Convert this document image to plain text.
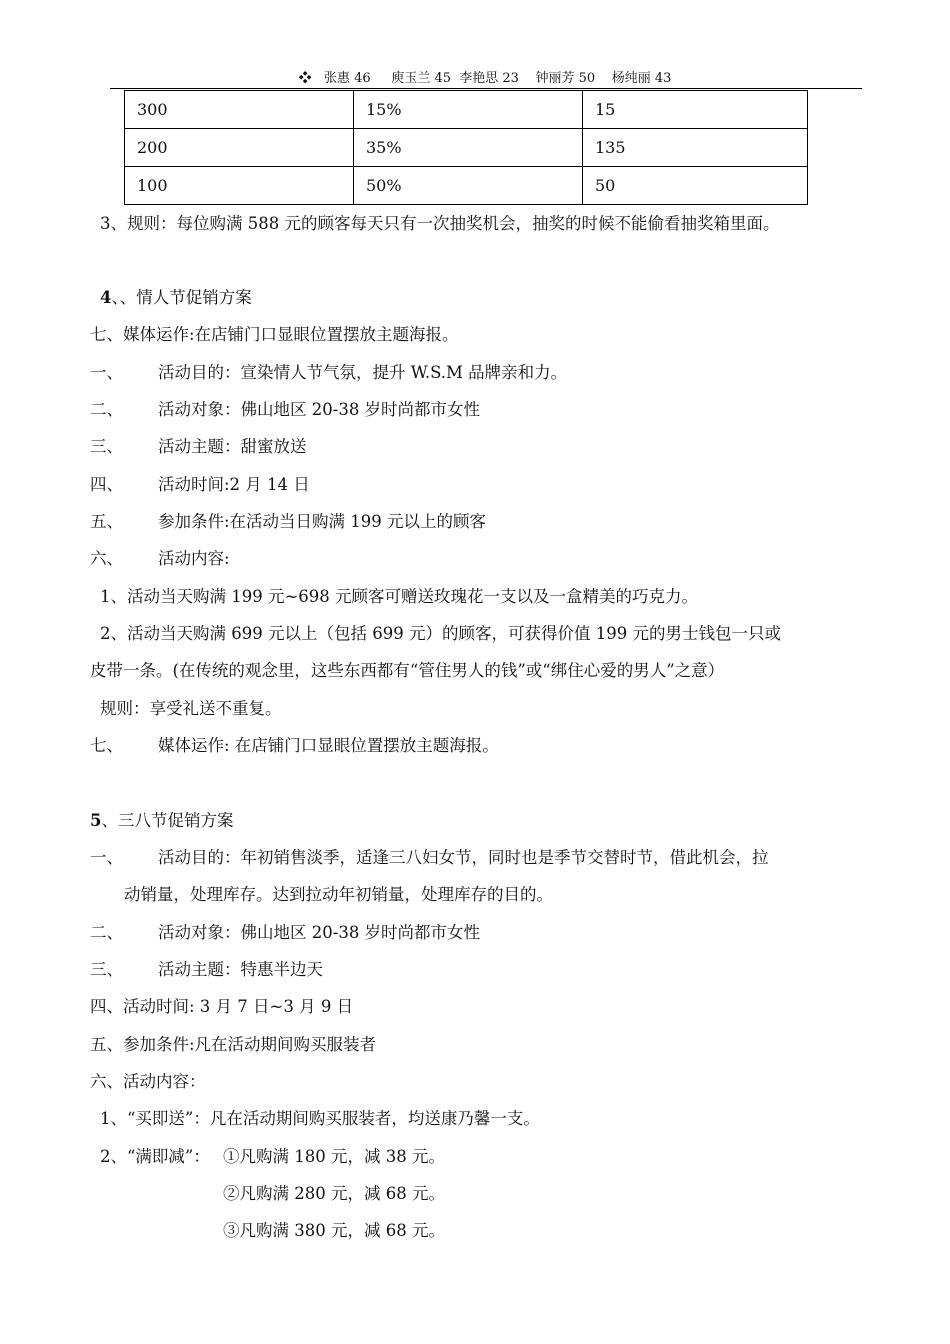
❖   张惠 46     庾玉兰 45  李艳思 23    钟丽芳 50    杨纯丽 43
300	15%	15
200	35%	135
100	50%	50
3、规则：每位购满 588 元的顾客每天只有一次抽奖机会，抽奖的时候不能偷看抽奖箱里面。
4、、情人节促销方案
七、媒体运作:在店铺门口显眼位置摆放主题海报。
一、 活动目的：宣染情人节气氛，提升 W.S.M 品牌亲和力。
二、 活动对象：佛山地区 20-38 岁时尚都市女性
三、 活动主题：甜蜜放送
四、 活动时间:2 月 14 日
五、 参加条件:在活动当日购满 199 元以上的顾客
六、 活动内容:
1、活动当天购满 199 元~698 元顾客可赠送玫瑰花一支以及一盒精美的巧克力。
2、活动当天购满 699 元以上（包括 699 元）的顾客，可获得价值 199 元的男士钱包一只或
皮带一条。(在传统的观念里，这些东西都有“管住男人的钱”或“绑住心爱的男人”之意）
规则：享受礼送不重复。
七、 媒体运作: 在店铺门口显眼位置摆放主题海报。
5、三八节促销方案
一、 活动目的：年初销售淡季，适逢三八妇女节，同时也是季节交替时节，借此机会，拉
动销量，处理库存。达到拉动年初销量，处理库存的目的。
二、 活动对象：佛山地区 20-38 岁时尚都市女性
三、 活动主题：特惠半边天
四、活动时间: 3 月 7 日~3 月 9 日
五、参加条件:凡在活动期间购买服装者
六、活动内容：
1、“买即送”：凡在活动期间购买服装者，均送康乃馨一支。
2、“满即减”： ①凡购满 180 元，减 38 元。
②凡购满 280 元，减 68 元。
③凡购满 380 元，减 68 元。
